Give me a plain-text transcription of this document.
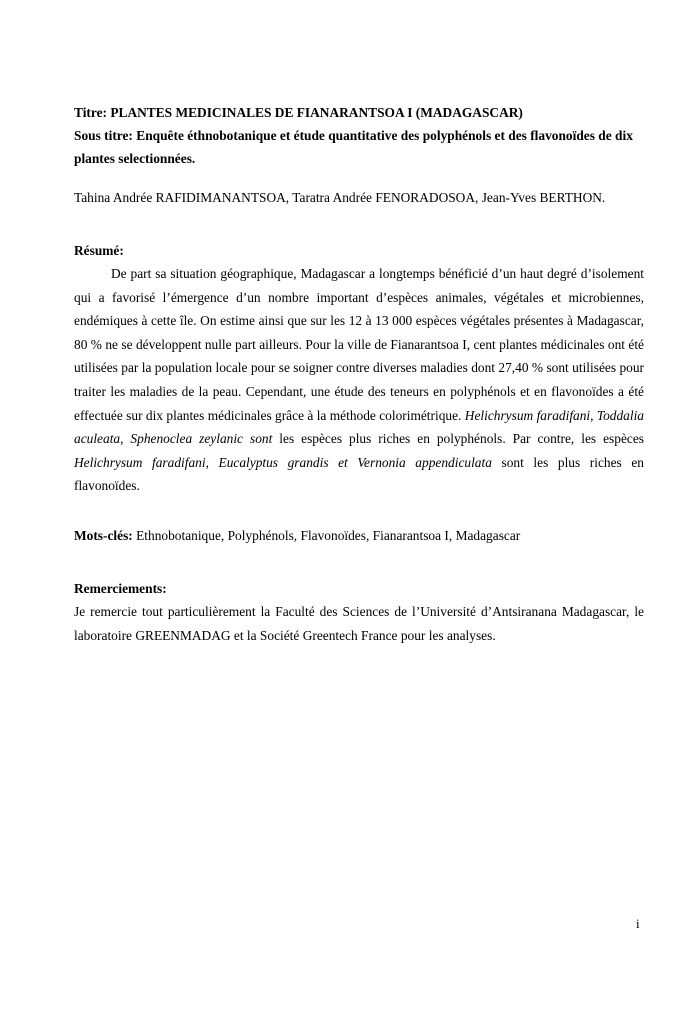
Titre: PLANTES MEDICINALES DE FIANARANTSOA I (MADAGASCAR)
Sous titre: Enquête éthnobotanique et étude quantitative des polyphénols et des flavonoïdes de dix plantes selectionnées.
Tahina Andrée RAFIDIMANANTSOA, Taratra Andrée FENORADOSOA, Jean-Yves BERTHON.
Résumé:

De part sa situation géographique, Madagascar a longtemps bénéficié d’un haut degré d’isolement qui a favorisé l’émergence d’un nombre important d’espèces animales, végétales et microbiennes, endémiques à cette île. On estime ainsi que sur les 12 à 13 000 espèces végétales présentes à Madagascar, 80 % ne se développent nulle part ailleurs. Pour la ville de Fianarantsoa I, cent plantes médicinales ont été utilisées par la population locale pour se soigner contre diverses maladies dont 27,40 % sont utilisées pour traiter les maladies de la peau. Cependant, une étude des teneurs en polyphénols et en flavonoïdes a été effectuée sur dix plantes médicinales grâce à la méthode colorimétrique. Helichrysum faradifani, Toddalia aculeata, Sphenoclea zeylanic sont les espèces plus riches en polyphénols. Par contre, les espèces Helichrysum faradifani, Eucalyptus grandis et Vernonia appendiculata sont les plus riches en flavonoïdes.

Mots-clés: Ethnobotanique, Polyphénols, Flavonoïdes, Fianarantsoa I, Madagascar
Remerciements:

Je remercie tout particulièrement la Faculté des Sciences de l’Université d’Antsiranana Madagascar, le laboratoire GREENMADAG et la Société Greentech France pour les analyses.

i
